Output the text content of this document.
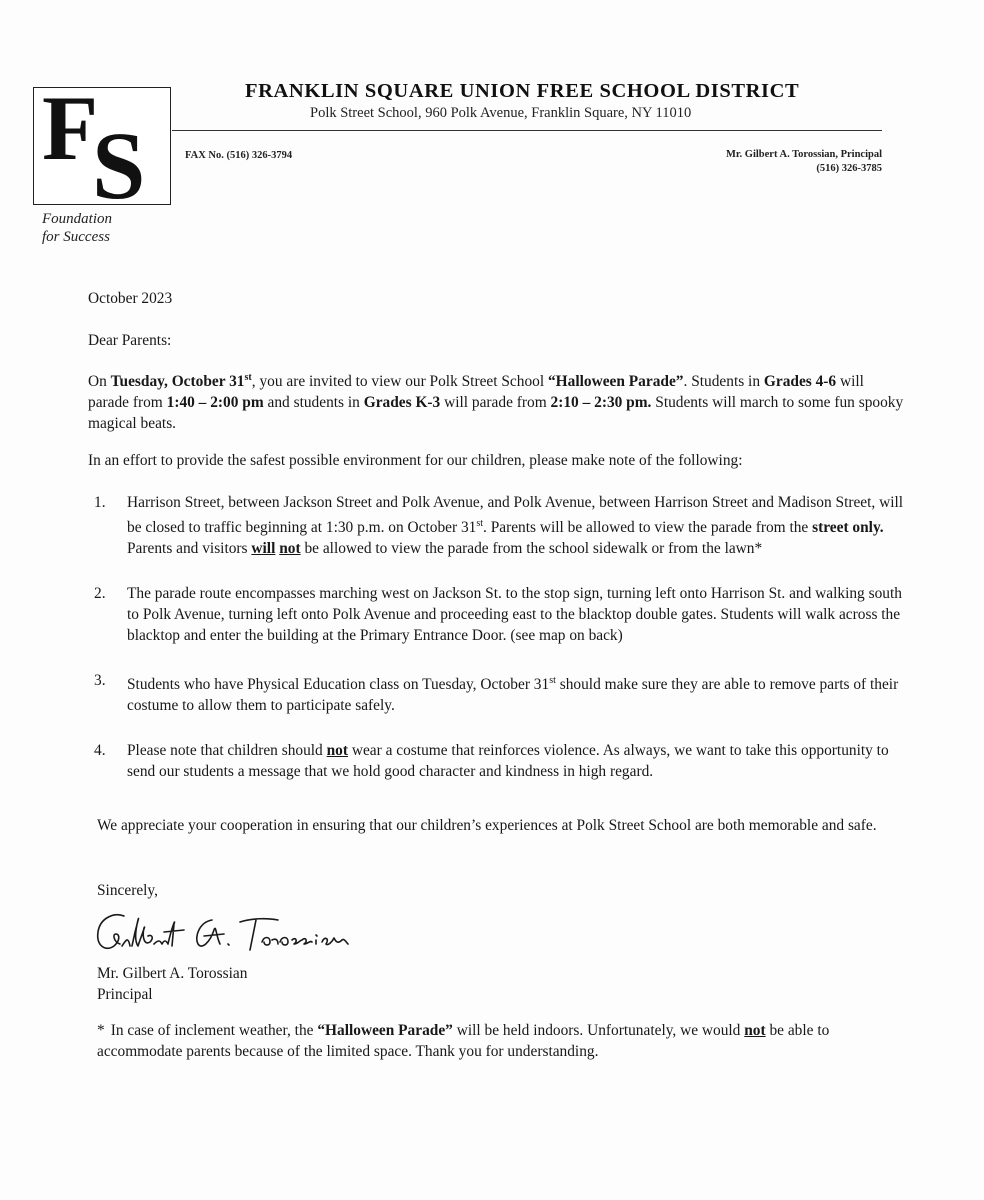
F
S
Foundation
for Success
FRANKLIN SQUARE UNION FREE SCHOOL DISTRICT
Polk Street School, 960 Polk Avenue, Franklin Square, NY 11010
FAX No. (516) 326-3794	Mr. Gilbert A. Torossian, Principal
(516) 326-3785
October 2023
Dear Parents:

On Tuesday, October 31st, you are invited to view our Polk Street School “Halloween Parade”. Students in Grades 4-6 will parade from 1:40 – 2:00 pm and students in Grades K-3 will parade from 2:10 – 2:30 pm. Students will march to some fun spooky magical beats.

In an effort to provide the safest possible environment for our children, please make note of the following:
1. Harrison Street, between Jackson Street and Polk Avenue, and Polk Avenue, between Harrison Street and Madison Street, will be closed to traffic beginning at 1:30 p.m. on October 31st. Parents will be allowed to view the parade from the street only. Parents and visitors will not be allowed to view the parade from the school sidewalk or from the lawn*
2. The parade route encompasses marching west on Jackson St. to the stop sign, turning left onto Harrison St. and walking south to Polk Avenue, turning left onto Polk Avenue and proceeding east to the blacktop double gates. Students will walk across the blacktop and enter the building at the Primary Entrance Door. (see map on back)
3. Students who have Physical Education class on Tuesday, October 31st should make sure they are able to remove parts of their costume to allow them to participate safely.
4. Please note that children should not wear a costume that reinforces violence. As always, we want to take this opportunity to send our students a message that we hold good character and kindness in high regard.
We appreciate your cooperation in ensuring that our children’s experiences at Polk Street School are both memorable and safe.
Sincerely,
Mr. Gilbert A. Torossian
Principal

* In case of inclement weather, the “Halloween Parade” will be held indoors. Unfortunately, we would not be able to accommodate parents because of the limited space. Thank you for understanding.
